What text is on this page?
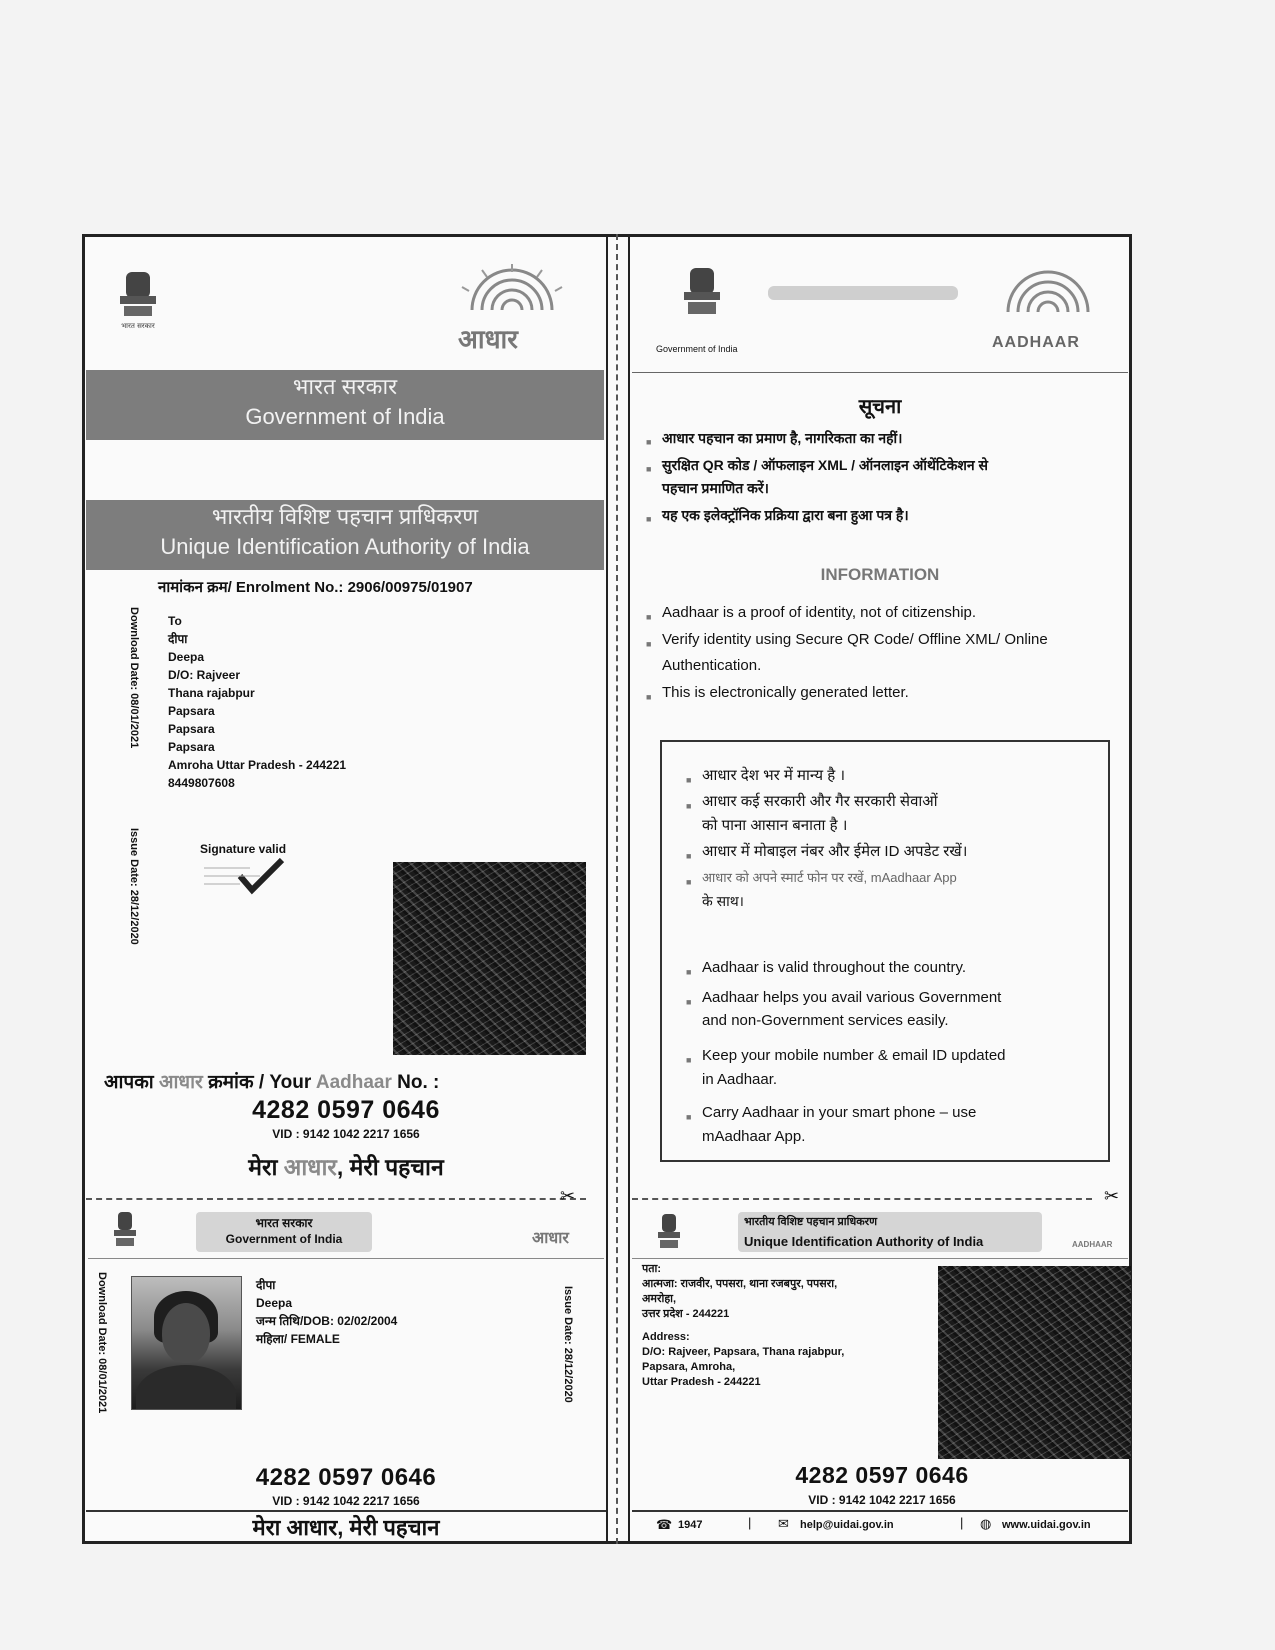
भारत सरकार	आधार
भारत सरकार
Government of India
भारतीय विशिष्ट पहचान प्राधिकरण
Unique Identification Authority of India
नामांकन क्रम/ Enrolment No.: 2906/00975/01907
Download Date: 08/01/2021
Issue Date: 28/12/2020
To
दीपा
Deepa
D/O: Rajveer
Thana rajabpur
Papsara
Papsara
Papsara
Amroha Uttar Pradesh - 244221
8449807608
Signature valid
आपका आधार क्रमांक / Your Aadhaar No. :
4282 0597 0646
VID : 9142 1042 2217 1656
मेरा आधार, मेरी पहचान
Government of India	AADHAAR
सूचना
■ आधार पहचान का प्रमाण है, नागरिकता का नहीं।
■ सुरक्षित QR कोड / ऑफलाइन XML / ऑनलाइन ऑथेंटिकेशन से
पहचान प्रमाणित करें।
■ यह एक इलेक्ट्रॉनिक प्रक्रिया द्वारा बना हुआ पत्र है।
INFORMATION
■ Aadhaar is a proof of identity, not of citizenship.
■ Verify identity using Secure QR Code/ Offline XML/ Online
Authentication.
■ This is electronically generated letter.
■ आधार देश भर में मान्य है ।
■ आधार कई सरकारी और गैर सरकारी सेवाओं
को पाना आसान बनाता है ।
■ आधार में मोबाइल नंबर और ईमेल ID अपडेट रखें।
■ आधार को अपने स्मार्ट फोन पर रखें, mAadhaar App
के साथ।
■ Aadhaar is valid throughout the country.
■ Aadhaar helps you avail various Government
and non-Government services easily.
■ Keep your mobile number & email ID updated
in Aadhaar.
■ Carry Aadhaar in your smart phone – use
mAadhaar App.
✂	✂
भारत सरकार
Government of India	आधार
Download Date: 08/01/2021	Issue Date: 28/12/2020
दीपा
Deepa
जन्म तिथि/DOB: 02/02/2004
महिला/ FEMALE
4282 0597 0646
VID : 9142 1042 2217 1656
मेरा आधार, मेरी पहचान
भारतीय विशिष्ट पहचान प्राधिकरण
Unique Identification Authority of India	AADHAAR
पता:
आत्मजा: राजवीर, पपसरा, थाना रजबपुर, पपसरा,
अमरोहा,
उत्तर प्रदेश - 244221
Address:
D/O: Rajveer, Papsara, Thana rajabpur,
Papsara, Amroha,
Uttar Pradesh - 244221
4282 0597 0646
VID : 9142 1042 2217 1656
☎ 1947	| ✉ help@uidai.gov.in	| ◍ www.uidai.gov.in
